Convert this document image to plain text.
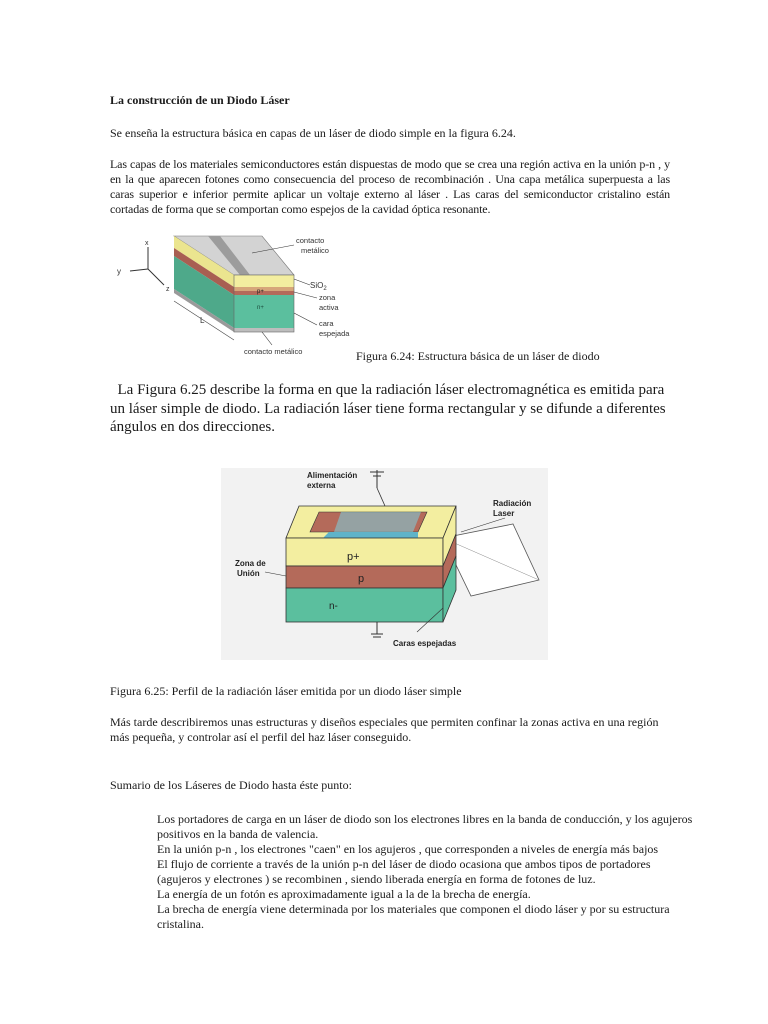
La construcción de un Diodo Láser

Se enseña la estructura básica en capas de un láser de diodo simple en la figura 6.24.

Las capas de los materiales semiconductores están dispuestas de modo que se crea una región activa en la unión p-n , y en la que aparecen fotones como consecuencia del proceso de recombinación . Una capa metálica superpuesta a las caras superior e inferior permite aplicar un voltaje externo al láser . Las caras del semiconductor cristalino están cortadas de forma que se comportan como espejos de la cavidad óptica resonante.

x
y
z	p+
n+
L
contacto metálico
SiO$_2$
zona activa
cara espejada
contacto metálico	Figura 6.24: Estructura básica de un láser de diodo

La Figura 6.25 describe la forma en que la radiación láser electromagnética es emitida para un láser simple de diodo. La radiación láser tiene forma rectangular y se difunde a diferentes ángulos en dos direcciones.

p+
p
n-
Alimentación externa
Radiación Laser
Zona de Unión
Caras espejadas

Figura 6.25: Perfil de la radiación láser emitida por un diodo láser simple

Más tarde describiremos unas estructuras y diseños especiales que permiten confinar la zonas activa en una región más pequeña, y controlar así el perfil del haz láser conseguido.

Sumario de los Láseres de Diodo hasta éste punto:

Los portadores de carga en un láser de diodo son los electrones libres en la banda de conducción, y los agujeros positivos en la banda de valencia.
En la unión p-n , los electrones "caen" en los agujeros , que corresponden a niveles de energía más bajos
El flujo de corriente a través de la unión p-n del láser de diodo ocasiona que ambos tipos de portadores (agujeros y electrones ) se recombinen , siendo liberada energía en forma de fotones de luz.
La energía de un fotón es aproximadamente igual a la de la brecha de energía.
La brecha de energía viene determinada por los materiales que componen el diodo láser y por su estructura cristalina.
